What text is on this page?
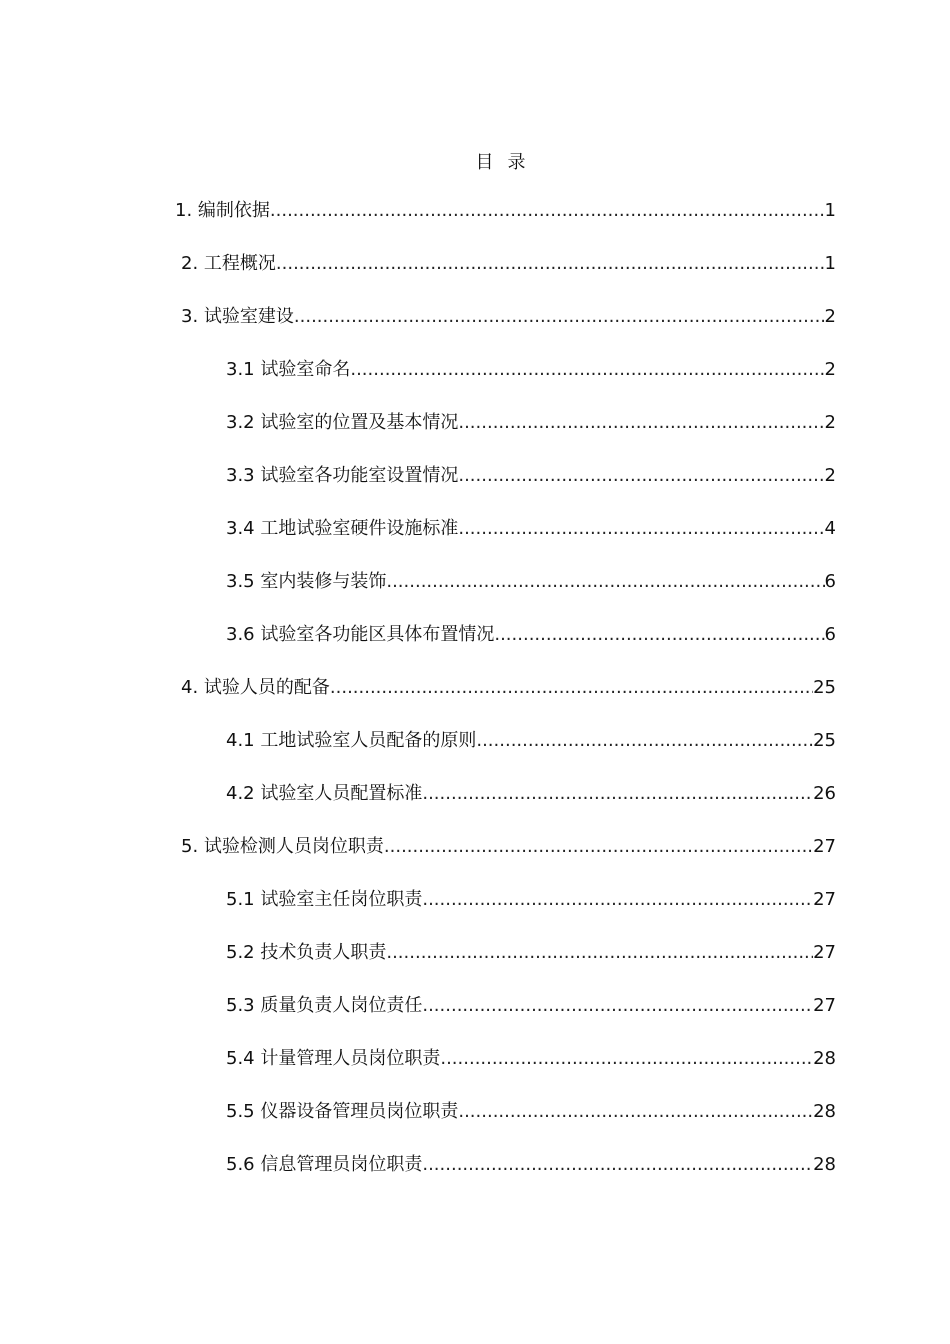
目录
1. 编制依据 .....	1
2. 工程概况 .....	1
3. 试验室建设 .....	2
3.1 试验室命名 .....	2
3.2 试验室的位置及基本情况 .....	2
3.3 试验室各功能室设置情况 .....	2
3.4 工地试验室硬件设施标准 .....	4
3.5 室内装修与装饰 .....	6
3.6 试验室各功能区具体布置情况 .....	6
4. 试验人员的配备 .....	25
4.1 工地试验室人员配备的原则 .....	25
4.2 试验室人员配置标准 .....	26
5. 试验检测人员岗位职责 .....	27
5.1 试验室主任岗位职责 .....	27
5.2 技术负责人职责 .....	27
5.3 质量负责人岗位责任 .....	27
5.4 计量管理人员岗位职责 .....	28
5.5 仪器设备管理员岗位职责 .....	28
5.6 信息管理员岗位职责 .....	28
